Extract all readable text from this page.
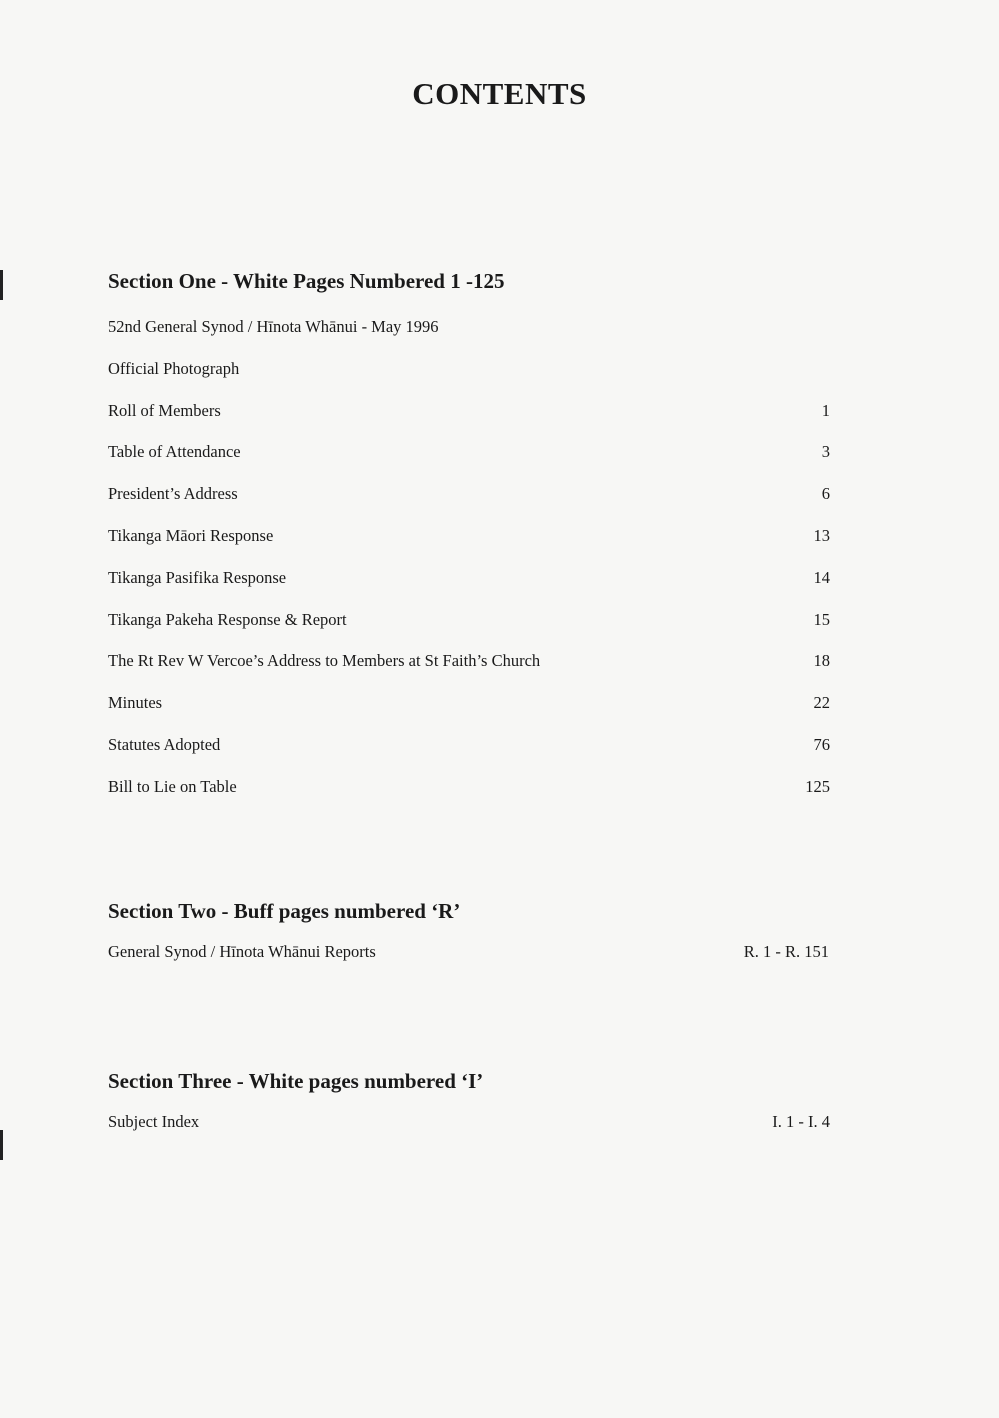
CONTENTS
Section One - White Pages Numbered 1 -125
52nd General Synod / Hīnota Whānui - May 1996
Official Photograph
Roll of Members	1
Table of Attendance	3
President’s Address	6
Tikanga Māori Response	13
Tikanga Pasifika Response	14
Tikanga Pakeha Response & Report	15
The Rt Rev W Vercoe’s Address to Members at St Faith’s Church	18
Minutes	22
Statutes Adopted	76
Bill to Lie on Table	125
Section Two - Buff pages numbered ‘R’
General Synod / Hīnota Whānui Reports	R. 1 - R. 151
Section Three - White pages numbered ‘I’
Subject Index	I. 1 - I. 4
